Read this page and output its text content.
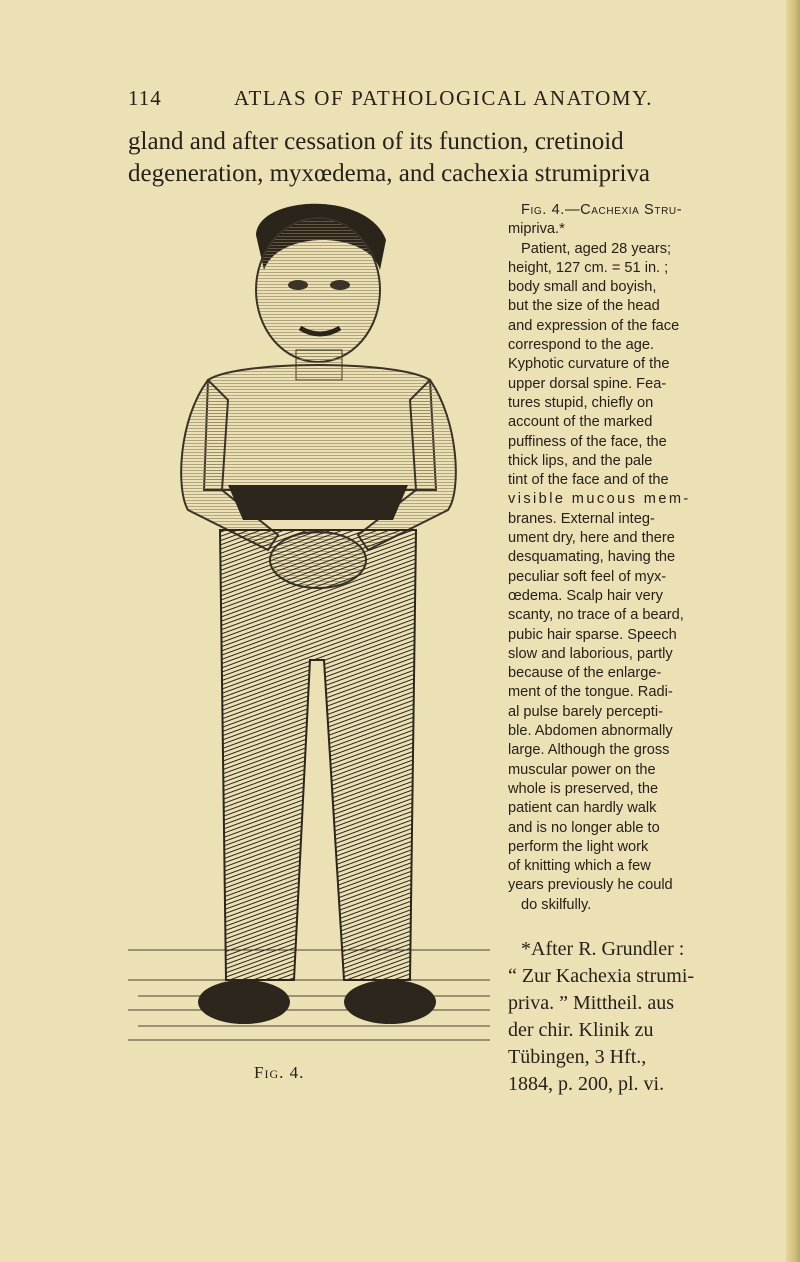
114	ATLAS OF PATHOLOGICAL ANATOMY.
gland and after cessation of its function, cretinoid
degeneration, myxœdema, and cachexia strumipriva
Fig. 4.

Fig. 4.—Cachexia Stru-

mipriva.*

Patient, aged 28 years;

height, 127 cm. = 51 in. ;

body small and boyish,

but the size of the head

and expression of the face

correspond to the age.

Kyphotic curvature of the

upper dorsal spine. Fea-

tures stupid, chiefly on

account of the marked

puffiness of the face, the

thick lips, and the pale

tint of the face and of the

visible mucous mem-

branes. External integ-

ument dry, here and there

desquamating, having the

peculiar soft feel of myx-

œdema. Scalp hair very

scanty, no trace of a beard,

pubic hair sparse. Speech

slow and laborious, partly

because of the enlarge-

ment of the tongue. Radi-

al pulse barely percepti-

ble. Abdomen abnormally

large. Although the gross

muscular power on the

whole is preserved, the

patient can hardly walk

and is no longer able to

perform the light work

of knitting which a few

years previously he could

do skilfully.

*After R. Grundler :
“ Zur Kachexia strumi-
priva. ” Mittheil. aus
der chir. Klinik zu
Tübingen, 3 Hft.,
1884, p. 200, pl. vi.
